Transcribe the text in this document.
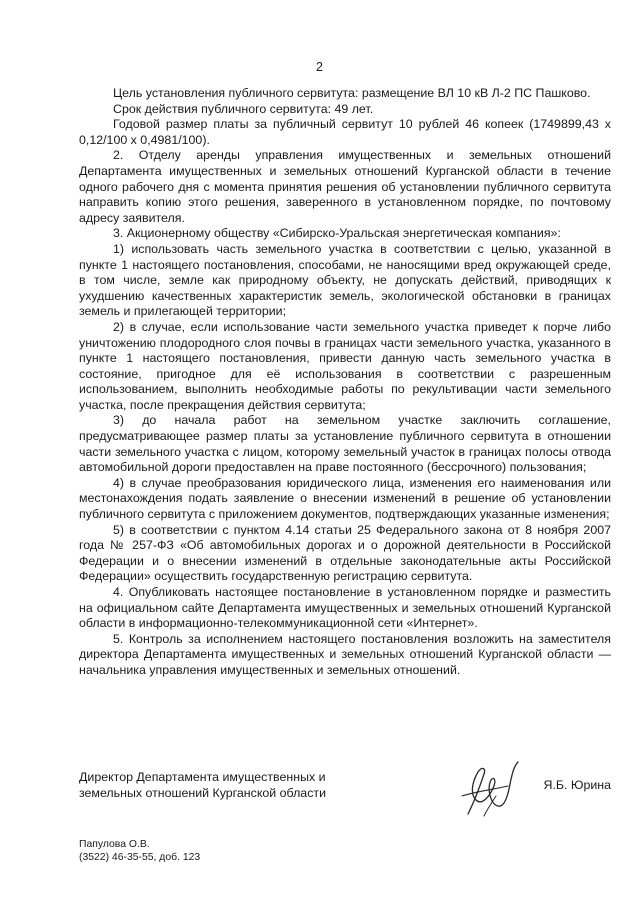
2

Цель установления публичного сервитута: размещение ВЛ 10 кВ Л-2 ПС Пашково.

Срок действия публичного сервитута: 49 лет.

Годовой размер платы за публичный сервитут 10 рублей 46 копеек (1749899,43 х 0,12/100 х 0,4981/100).

2. Отделу аренды управления имущественных и земельных отношений Департамента имущественных и земельных отношений Курганской области в течение одного рабочего дня с момента принятия решения об установлении публичного сервитута направить копию этого решения, заверенного в установленном порядке, по почтовому адресу заявителя.

3. Акционерному обществу «Сибирско-Уральская энергетическая компания»:

1) использовать часть земельного участка в соответствии с целью, указанной в пункте 1 настоящего постановления, способами, не наносящими вред окружающей среде, в том числе, земле как природному объекту, не допускать действий, приводящих к ухудшению качественных характеристик земель, экологической обстановки в границах земель и прилегающей территории;

2) в случае, если использование части земельного участка приведет к порче либо уничтожению плодородного слоя почвы в границах части земельного участка, указанного в пункте 1 настоящего постановления, привести данную часть земельного участка в состояние, пригодное для её использования в соответствии с разрешенным использованием, выполнить необходимые работы по рекультивации части земельного участка, после прекращения действия сервитута;

3) до начала работ на земельном участке заключить соглашение, предусматривающее размер платы за установление публичного сервитута в отношении части земельного участка с лицом, которому земельный участок в границах полосы отвода автомобильной дороги предоставлен на праве постоянного (бессрочного) пользования;

4) в случае преобразования юридического лица, изменения его наименования или местонахождения подать заявление о внесении изменений в решение об установлении публичного сервитута с приложением документов, подтверждающих указанные изменения;

5) в соответствии с пунктом 4.14 статьи 25 Федерального закона от 8 ноября 2007 года № 257-ФЗ «Об автомобильных дорогах и о дорожной деятельности в Российской Федерации и о внесении изменений в отдельные законодательные акты Российской Федерации» осуществить государственную регистрацию сервитута.

4. Опубликовать настоящее постановление в установленном порядке и разместить на официальном сайте Департамента имущественных и земельных отношений Курганской области в информационно-телекоммуникационной сети «Интернет».

5. Контроль за исполнением настоящего постановления возложить на заместителя директора Департамента имущественных и земельных отношений Курганской области — начальника управления имущественных и земельных отношений.

Директор Департамента имущественных и
земельных отношений Курганской области
Я.Б. Юрина
Папулова О.В.
(3522) 46-35-55, доб. 123
